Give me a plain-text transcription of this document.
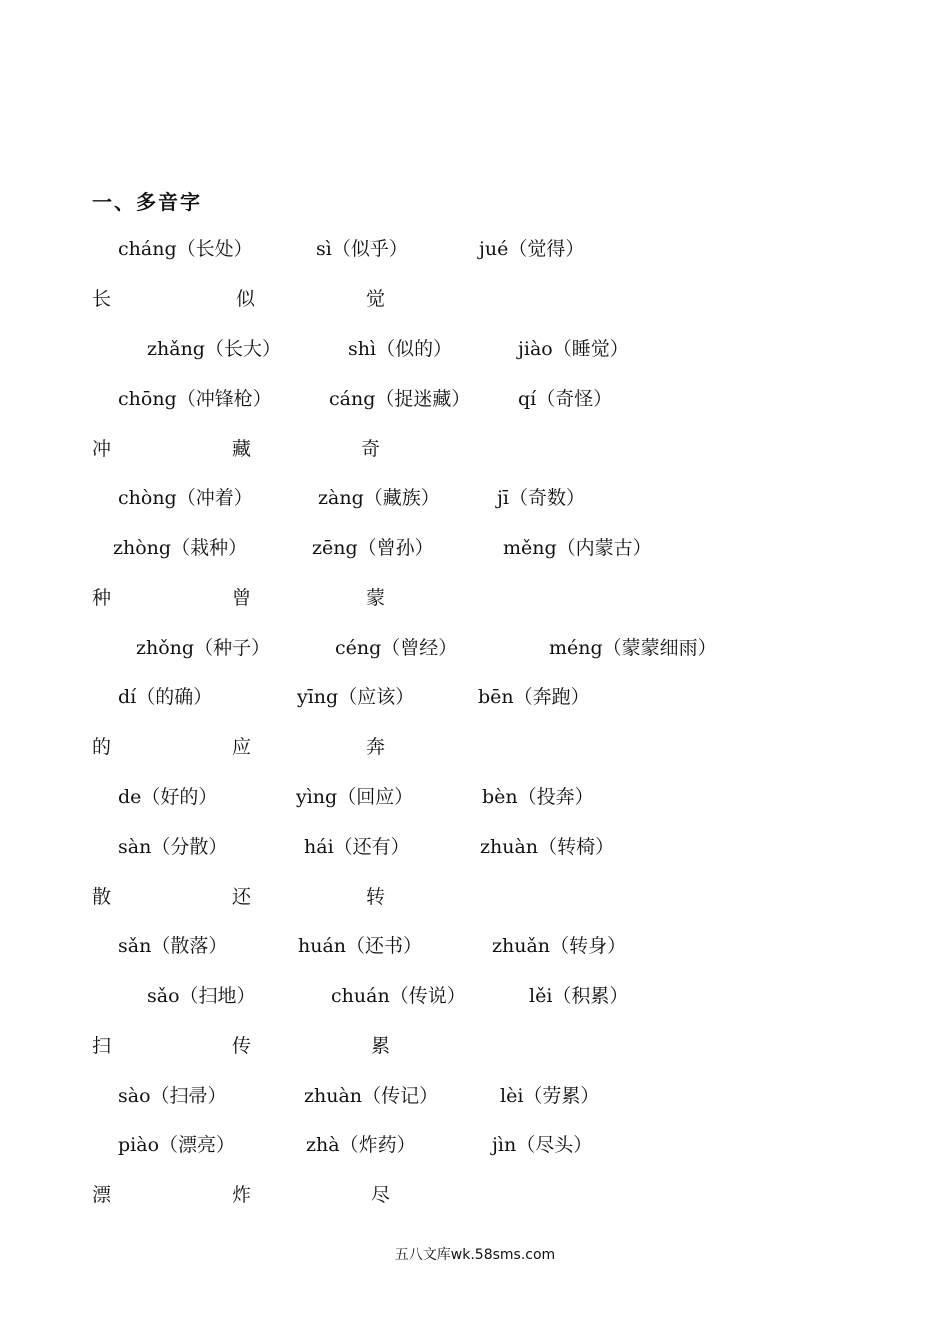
一、多音字
cháng（长处）	sì（似乎）	jué（觉得）
长	似	觉
zhǎng（长大）	shì（似的）	jiào（睡觉）
chōng（冲锋枪）	cáng（捉迷藏）	qí（奇怪）
冲	藏	奇
chòng（冲着）	zàng（藏族）	jī（奇数）
zhòng（栽种）	zēng（曾孙）	měng（内蒙古）
种	曾	蒙
zhǒng（种子）	céng（曾经）	méng（蒙蒙细雨）
dí（的确）	yīng（应该）	bēn（奔跑）
的	应	奔
de（好的）	yìng（回应）	bèn（投奔）
sàn（分散）	hái（还有）	zhuàn（转椅）
散	还	转
sǎn（散落）	huán（还书）	zhuǎn（转身）
sǎo（扫地）	chuán（传说）	lěi（积累）
扫	传	累
sào（扫帚）	zhuàn（传记）	lèi（劳累）
piào（漂亮）	zhà（炸药）	jìn（尽头）
漂	炸	尽
五八文库wk.58sms.com
